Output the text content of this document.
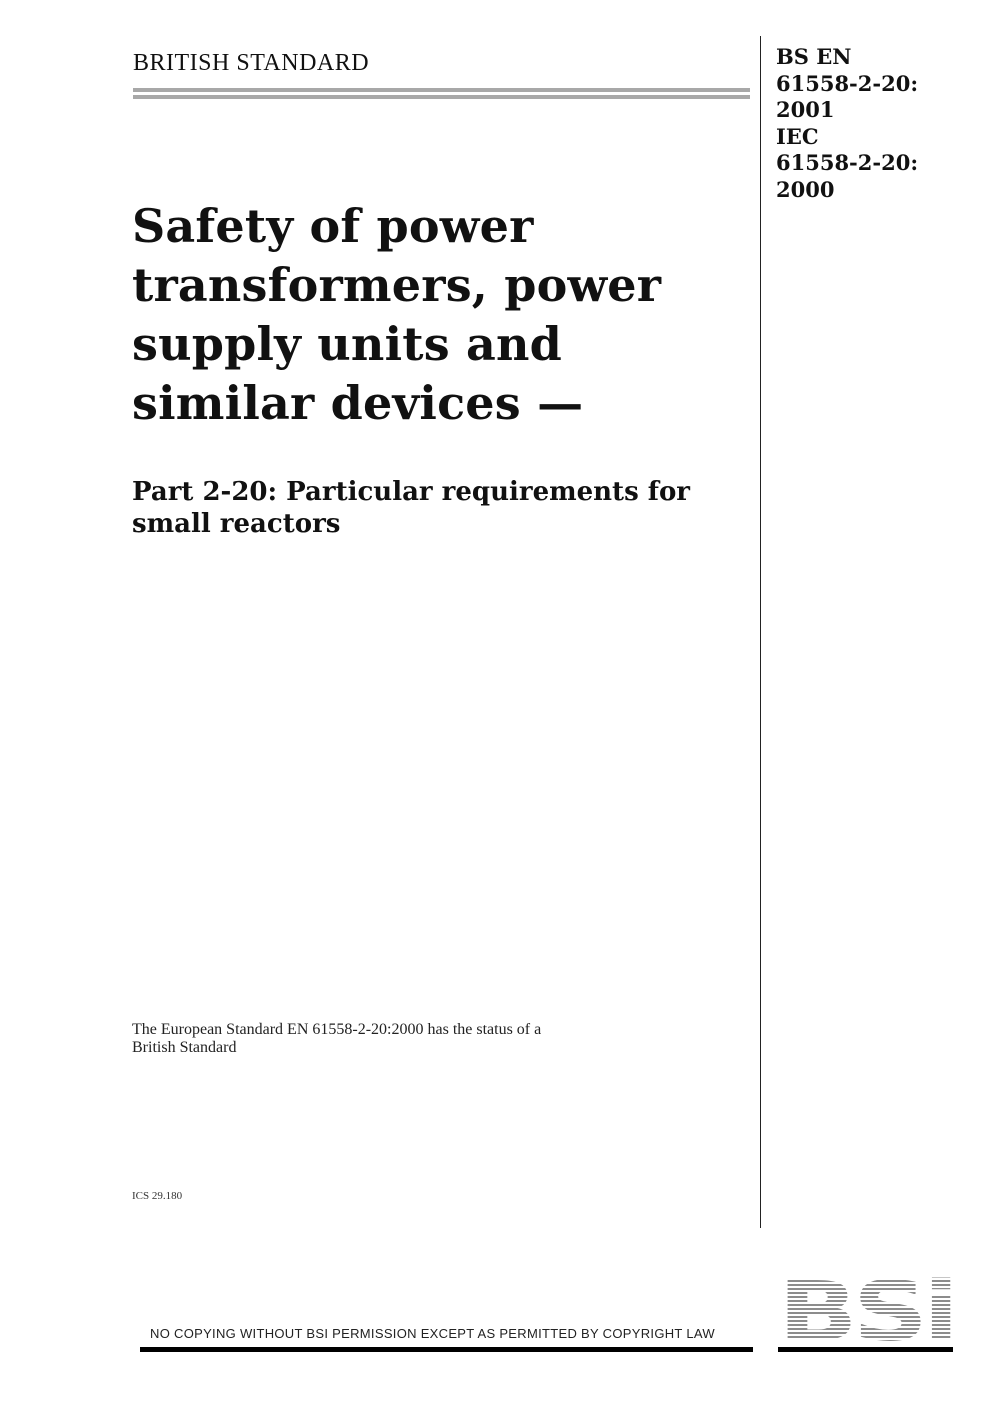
BRITISH STANDARD	BS EN
61558-2-20:
2001
IEC
61558-2-20:
2000
Safety of power
transformers, power
supply units and
similar devices —
Part 2-20: Particular requirements for
small reactors
The European Standard EN 61558-2-20:2000 has the status of a
British Standard
ICS 29.180
BSi
NO COPYING WITHOUT BSI PERMISSION EXCEPT AS PERMITTED BY COPYRIGHT LAW
